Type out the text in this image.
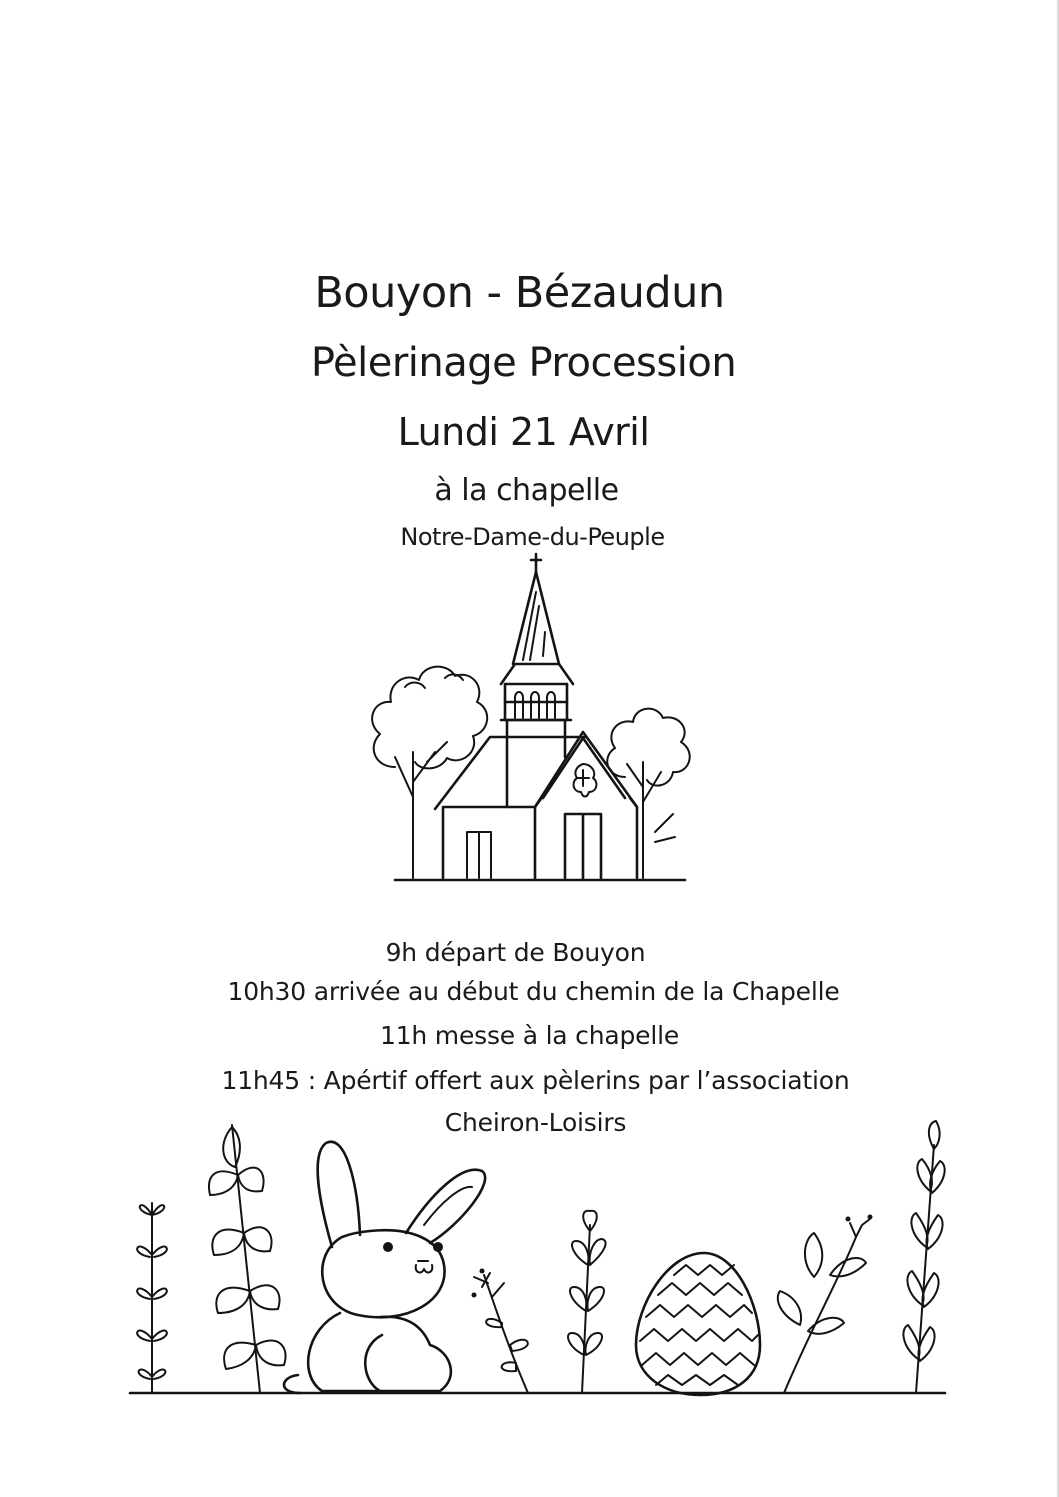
Bouyon - Bézaudun
Pèlerinage Procession
Lundi 21 Avril
à la chapelle
Notre-Dame-du-Peuple
9h départ de Bouyon
10h30 arrivée au début du chemin de la Chapelle
11h messe à la chapelle
11h45 : Apértif offert aux pèlerins par l’association
Cheiron-Loisirs
